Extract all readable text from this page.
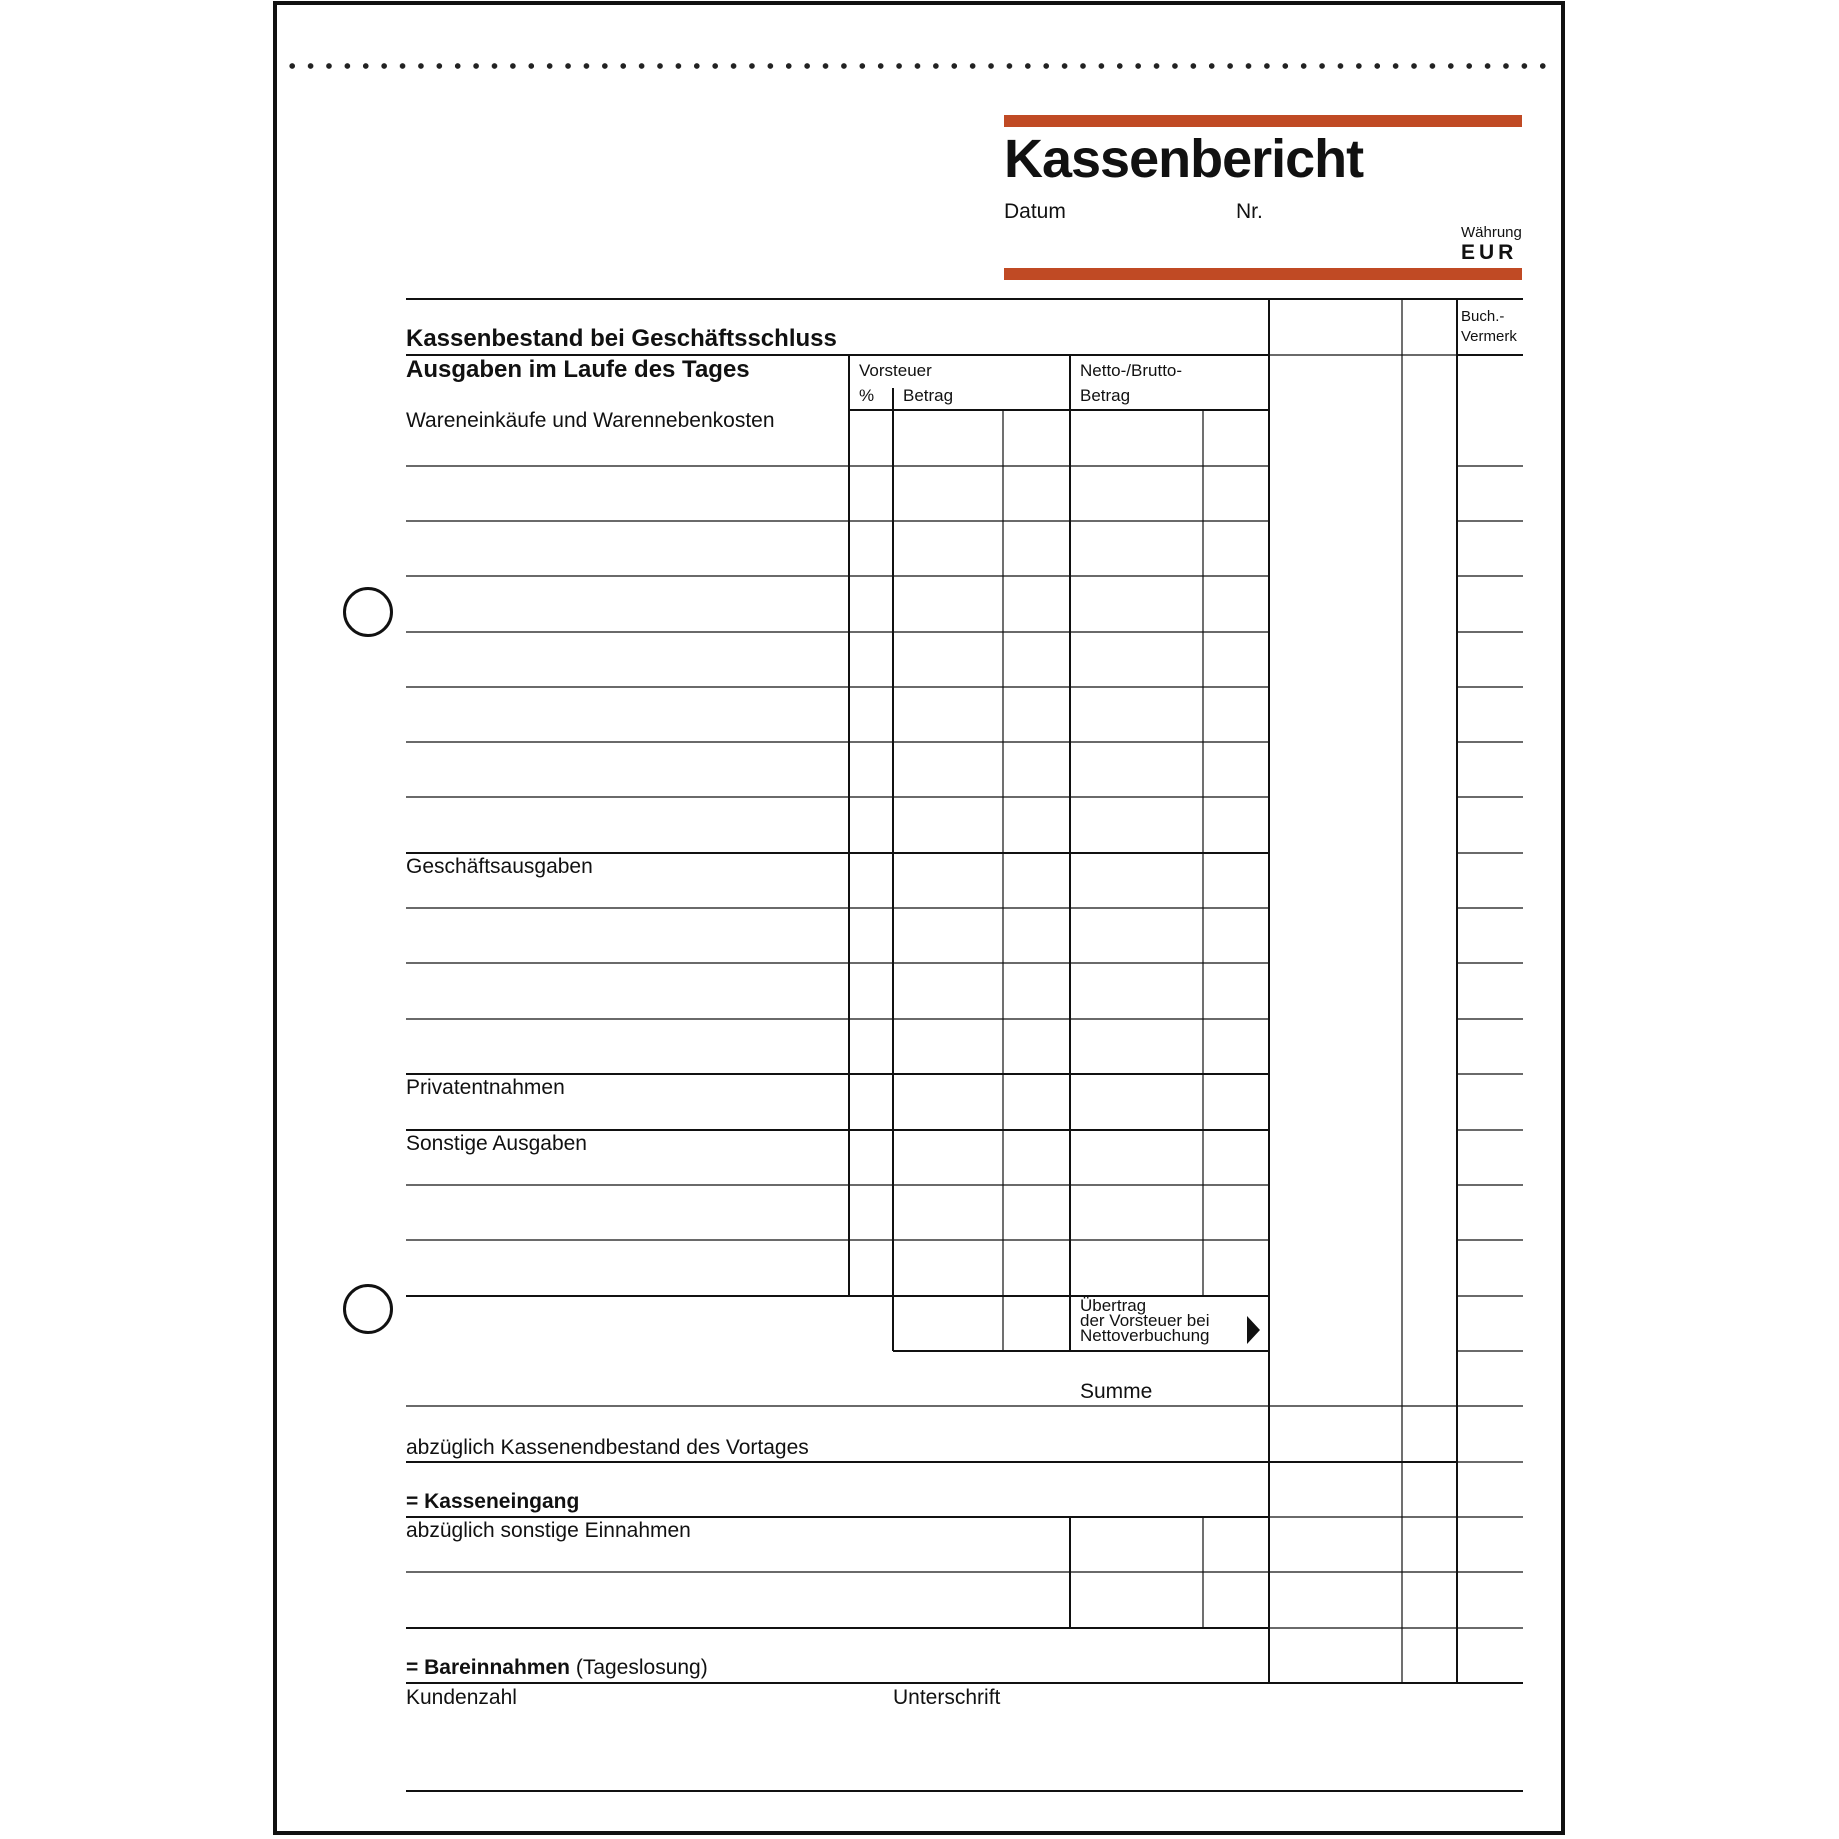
Kassenbericht
Datum	Nr.
Währung
EUR
Kassenbestand bei Geschäftsschluss
Ausgaben im Laufe des Tages
Wareneinkäufe und Warennebenkosten
Geschäftsausgaben
Privatentnahmen
Sonstige Ausgaben
Vorsteuer
% Betrag
Netto-/Brutto-
Betrag
Buch.-
Vermerk
Übertrag
der Vorsteuer bei
Nettoverbuchung
Summe
abzüglich Kassenendbestand des Vortages
= Kasseneingang
abzüglich sonstige Einnahmen
= Bareinnahmen (Tageslosung)
Kundenzahl	Unterschrift
